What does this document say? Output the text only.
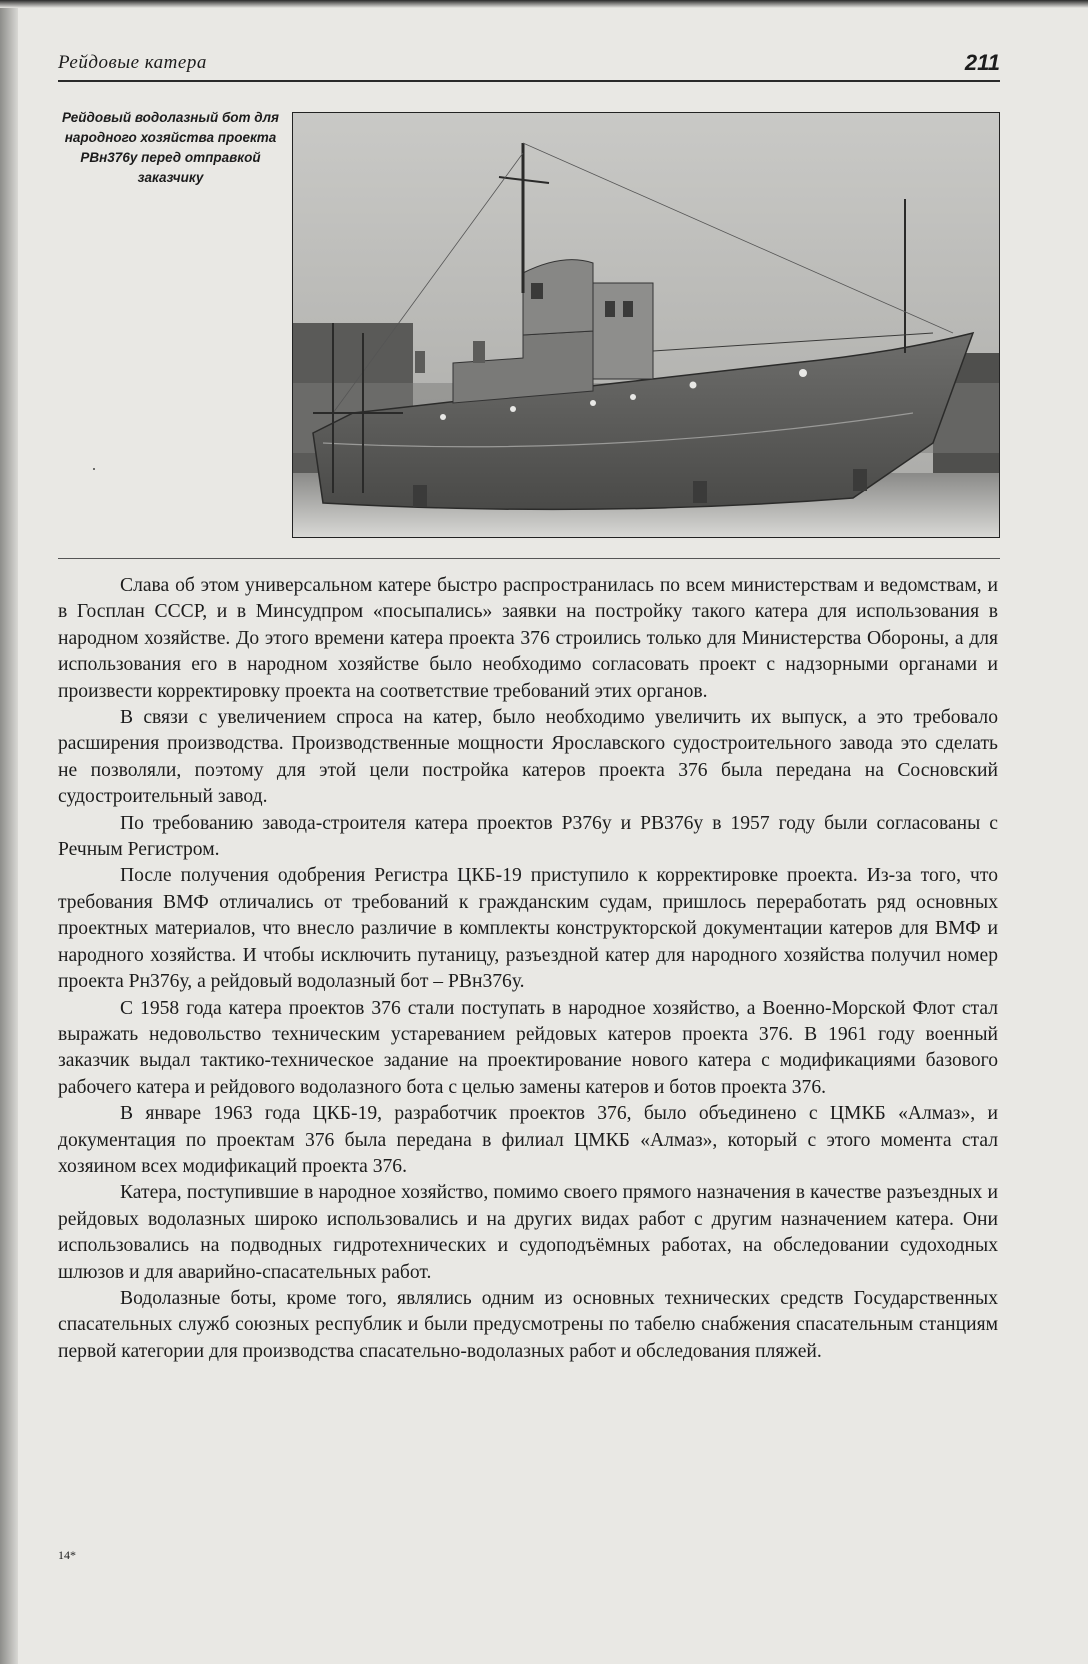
Рейдовые катера	211
Рейдовый водолазный бот для народного хозяйства проекта РВн376у перед отправкой заказчику

Слава об этом универсальном катере быстро распространилась по всем министерствам и ведомствам, и в Госплан СССР, и в Минсудпром «посыпались» заявки на постройку такого катера для использования в народном хозяйстве. До этого времени катера проекта 376 строились только для Министерства Обороны, а для использования его в народном хозяйстве было необходимо согласовать проект с надзорными органами и произвести корректировку проекта на соответствие требований этих органов.

В связи с увеличением спроса на катер, было необходимо увеличить их выпуск, а это требовало расширения производства. Производственные мощности Ярославского судостроительного завода это сделать не позволяли, поэтому для этой цели постройка катеров проекта 376 была передана на Сосновский судостроительный завод.

По требованию завода-строителя катера проектов Р376у и РВ376у в 1957 году были согласованы с Речным Регистром.

После получения одобрения Регистра ЦКБ-19 приступило к корректировке проекта. Из-за того, что требования ВМФ отличались от требований к гражданским судам, пришлось переработать ряд основных проектных материалов, что внесло различие в комплекты конструкторской документации катеров для ВМФ и народного хозяйства. И чтобы исключить путаницу, разъездной катер для народного хозяйства получил номер проекта Рн376у, а рейдовый водолазный бот – РВн376у.

С 1958 года катера проектов 376 стали поступать в народное хозяйство, а Военно-Морской Флот стал выражать недовольство техническим устареванием рейдовых катеров проекта 376. В 1961 году военный заказчик выдал тактико-техническое задание на проектирование нового катера с модификациями базового рабочего катера и рейдового водолазного бота с целью замены катеров и ботов проекта 376.

В январе 1963 года ЦКБ-19, разработчик проектов 376, было объединено с ЦМКБ «Алмаз», и документация по проектам 376 была передана в филиал ЦМКБ «Алмаз», который с этого момента стал хозяином всех модификаций проекта 376.

Катера, поступившие в народное хозяйство, помимо своего прямого назначения в качестве разъездных и рейдовых водолазных широко использовались и на других видах работ с другим назначением катера. Они использовались на подводных гидротехнических и судоподъёмных работах, на обследовании судоходных шлюзов и для аварийно-спасательных работ.

Водолазные боты, кроме того, являлись одним из основных технических средств Государственных спасательных служб союзных республик и были предусмотрены по табелю снабжения спасательным станциям первой категории для производства спасательно-водолазных работ и обследования пляжей.

14*
